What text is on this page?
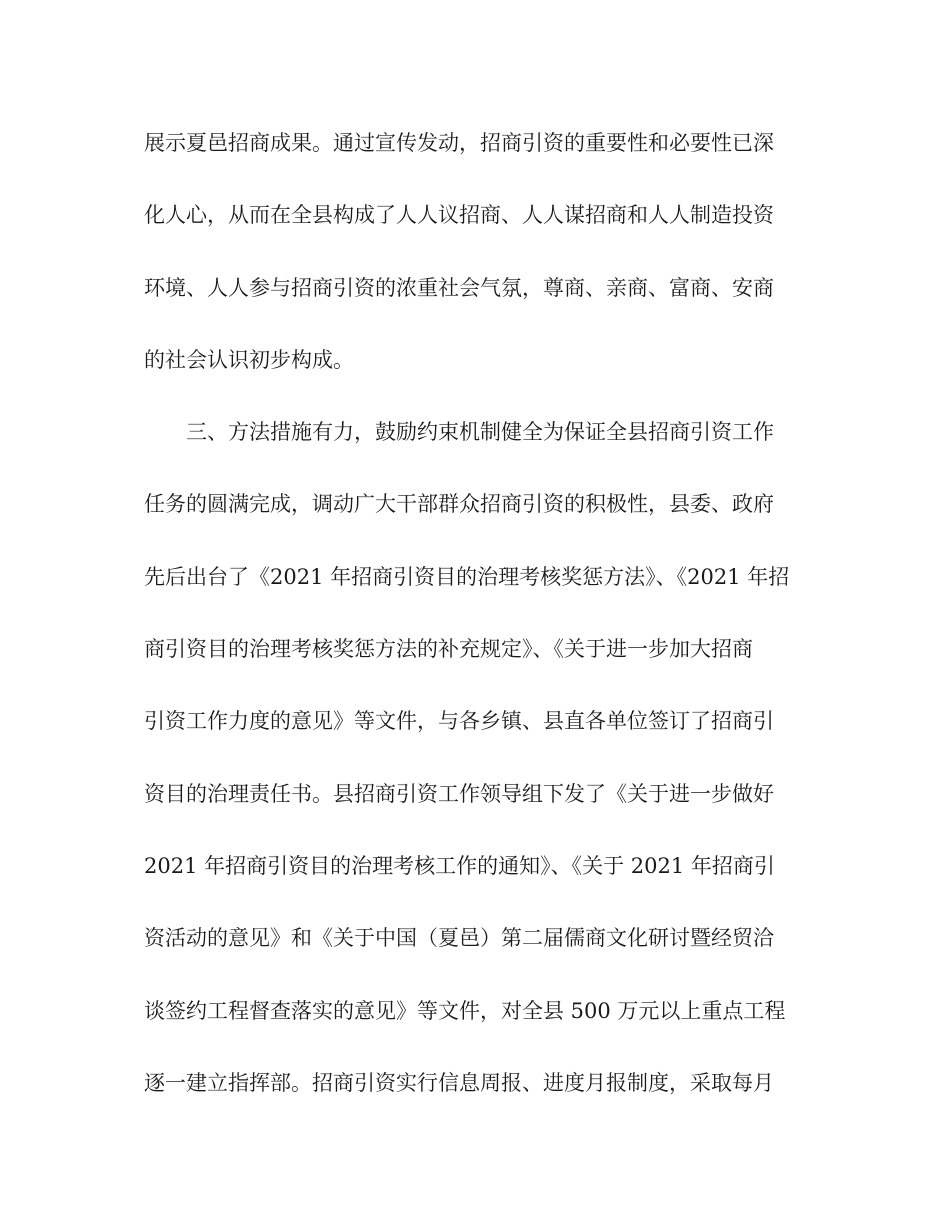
展示夏邑招商成果。通过宣传发动，招商引资的重要性和必要性已深
化人心，从而在全县构成了人人议招商、人人谋招商和人人制造投资
环境、人人参与招商引资的浓重社会气氛，尊商、亲商、富商、安商
的社会认识初步构成。
三、方法措施有力，鼓励约束机制健全为保证全县招商引资工作
任务的圆满完成，调动广大干部群众招商引资的积极性，县委、政府
先后出台了《2021 年招商引资目的治理考核奖惩方法》、《2021 年招
商引资目的治理考核奖惩方法的补充规定》、《关于进一步加大招商
引资工作力度的意见》等文件，与各乡镇、县直各单位签订了招商引
资目的治理责任书。县招商引资工作领导组下发了《关于进一步做好
2021 年招商引资目的治理考核工作的通知》、《关于 2021 年招商引
资活动的意见》和《关于中国（夏邑）第二届儒商文化研讨暨经贸洽
谈签约工程督查落实的意见》等文件，对全县 500 万元以上重点工程
逐一建立指挥部。招商引资实行信息周报、进度月报制度，采取每月
